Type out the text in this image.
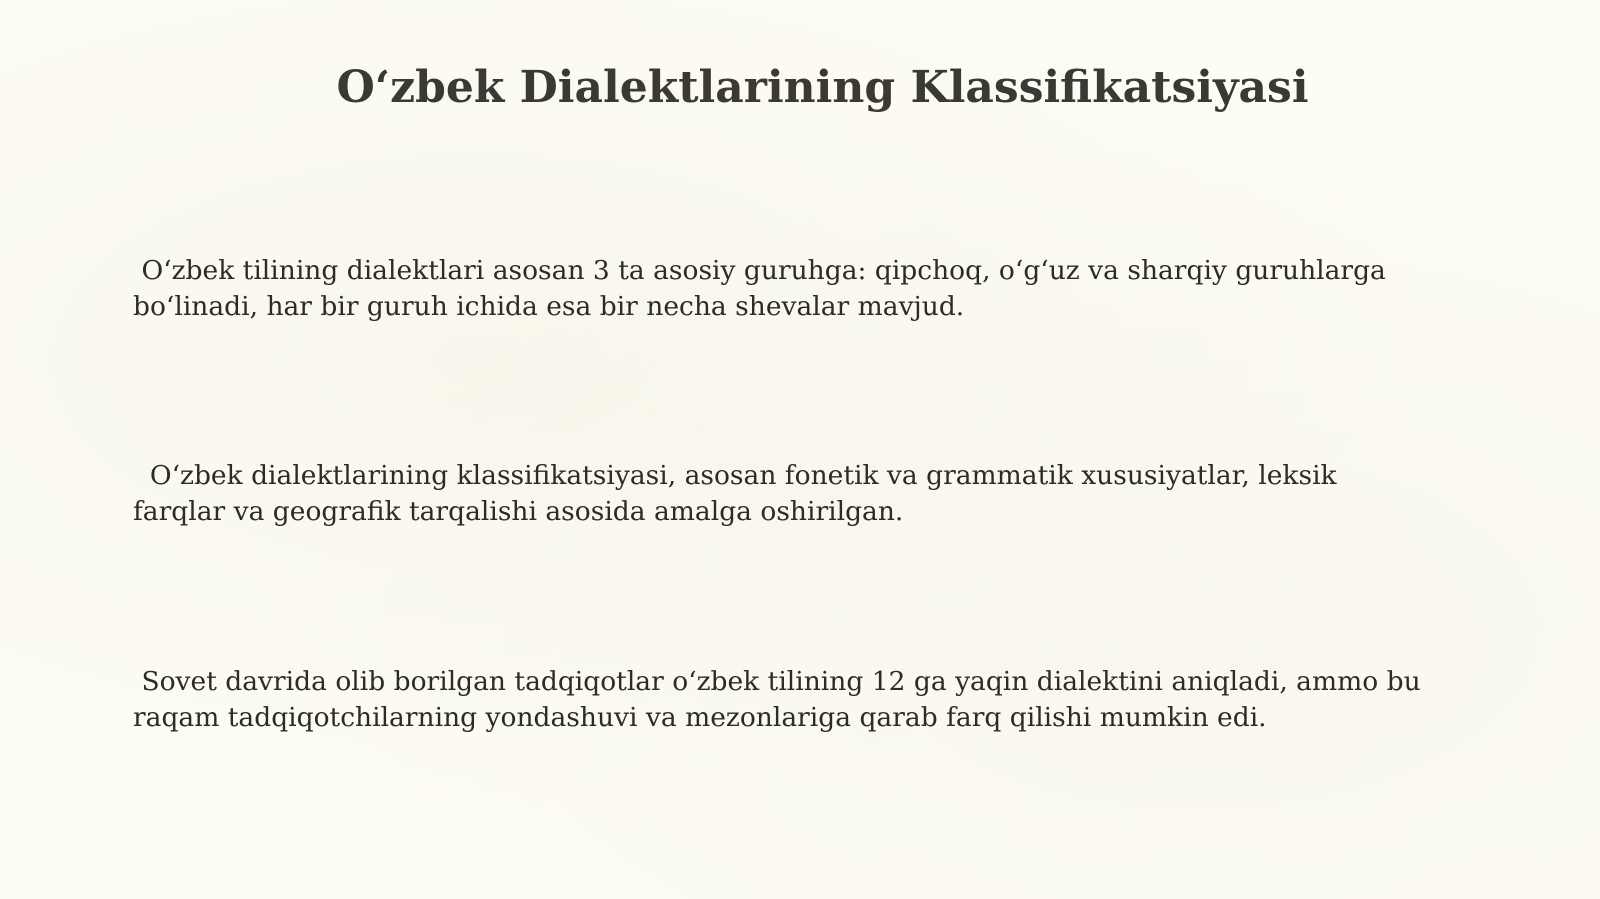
O‘zbek Dialektlarining Klassifikatsiyasi

O‘zbek tilining dialektlari asosan 3 ta asosiy guruhga: qipchoq, o‘g‘uz va sharqiy guruhlarga
bo‘linadi, har bir guruh ichida esa bir necha shevalar mavjud.

O‘zbek dialektlarining klassifikatsiyasi, asosan fonetik va grammatik xususiyatlar, leksik
farqlar va geografik tarqalishi asosida amalga oshirilgan.

Sovet davrida olib borilgan tadqiqotlar o‘zbek tilining 12 ga yaqin dialektini aniqladi, ammo bu
raqam tadqiqotchilarning yondashuvi va mezonlariga qarab farq qilishi mumkin edi.
